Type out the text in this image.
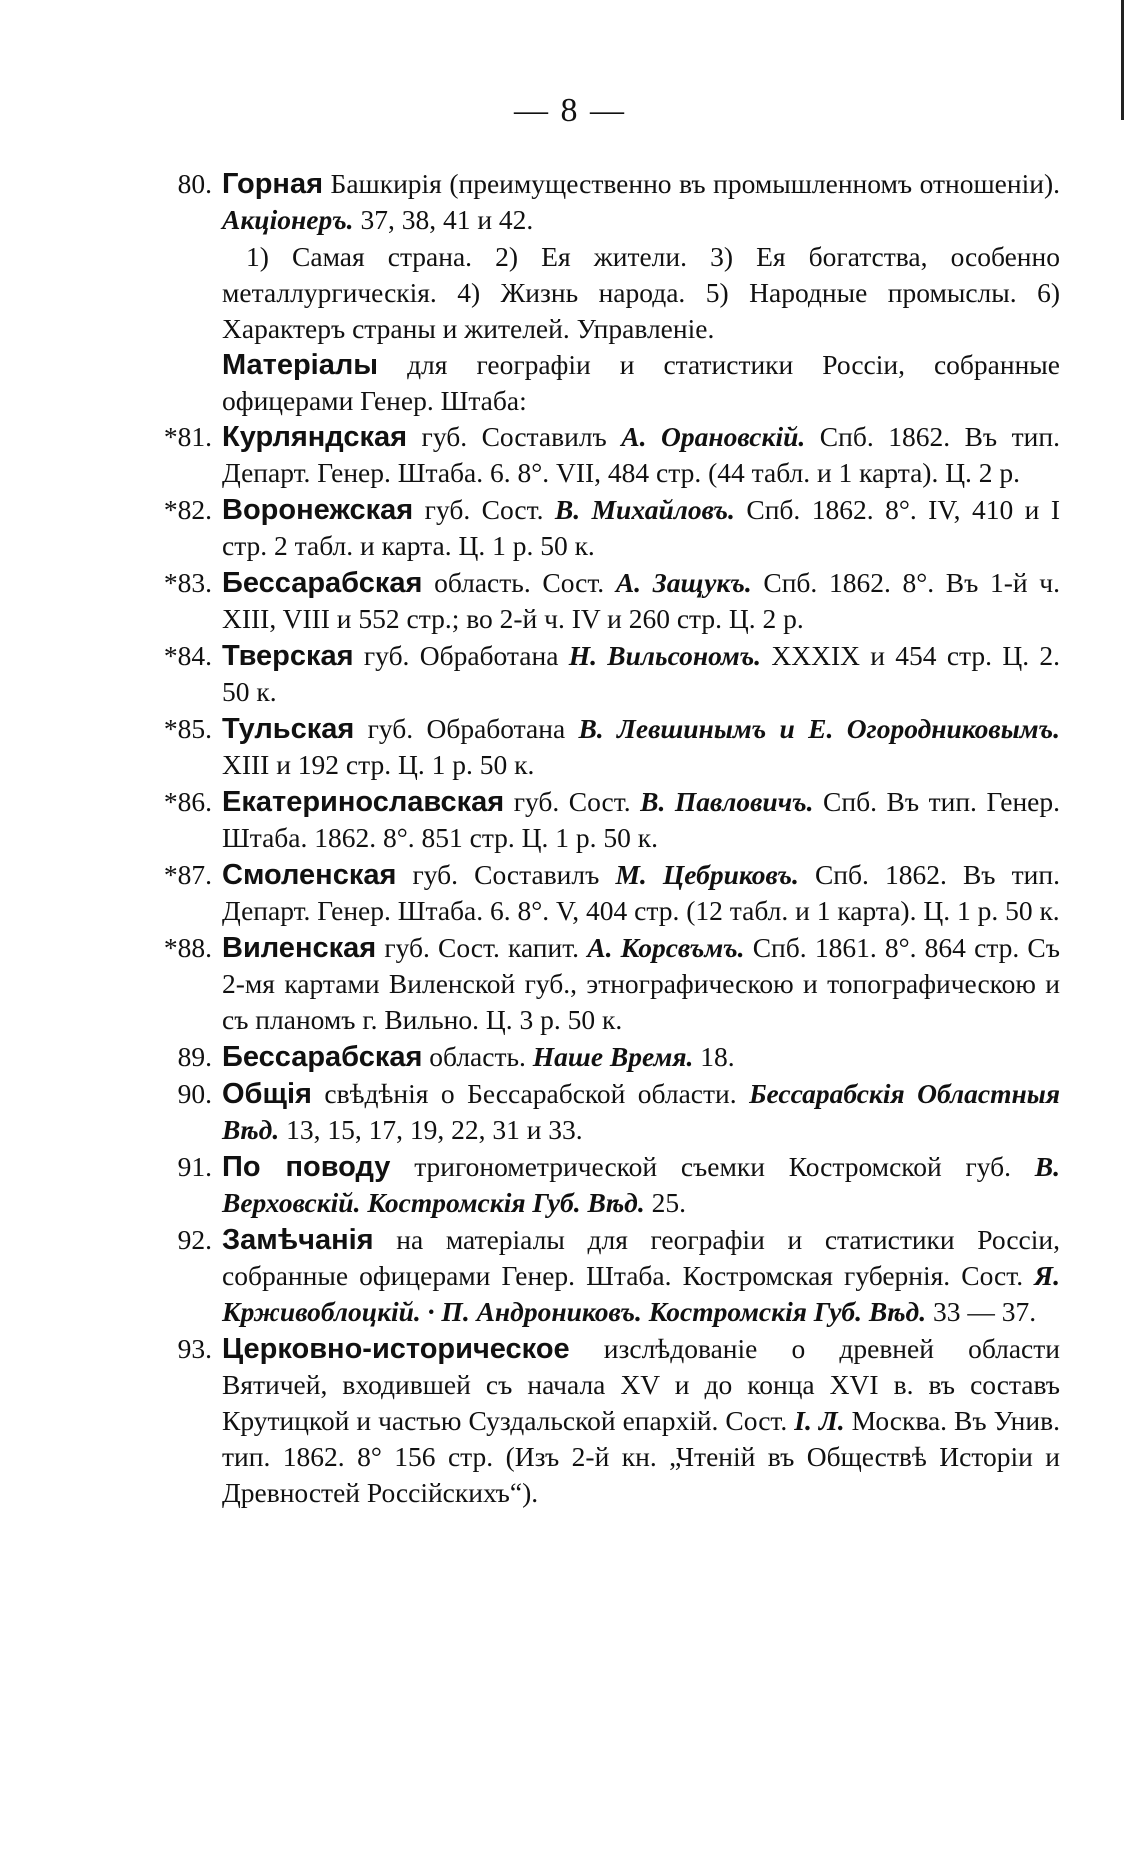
— 8 —
80. Горная Башкирія (преимущественно въ промышленномъ отношеніи). Акціонеръ. 37, 38, 41 и 42.
1) Самая страна. 2) Ея жители. 3) Ея богатства, особенно металлургическія. 4) Жизнь народа. 5) Народные промыслы. 6) Характеръ страны и жителей. Управленіе.
Матеріалы для географіи и статистики Россіи, собранные офицерами Генер. Штаба:
*81. Курляндская губ. Составилъ А. Орановскій. Спб. 1862. Въ тип. Департ. Генер. Штаба. 6. 8°. VII, 484 стр. (44 табл. и 1 карта). Ц. 2 р.
*82. Воронежская губ. Сост. В. Михайловъ. Спб. 1862. 8°. IV, 410 и I стр. 2 табл. и карта. Ц. 1 р. 50 к.
*83. Бессарабская область. Сост. А. Защукъ. Спб. 1862. 8°. Въ 1-й ч. XIII, VIII и 552 стр.; во 2-й ч. IV и 260 стр. Ц. 2 р.
*84. Тверская губ. Обработана Н. Вильсономъ. XXXIX и 454 стр. Ц. 2. 50 к.
*85. Тульская губ. Обработана В. Левшинымъ и Е. Огородниковымъ. XIII и 192 стр. Ц. 1 р. 50 к.
*86. Екатеринославская губ. Сост. В. Павловичъ. Спб. Въ тип. Генер. Штаба. 1862. 8°. 851 стр. Ц. 1 р. 50 к.
*87. Смоленская губ. Составилъ М. Цебриковъ. Спб. 1862. Въ тип. Департ. Генер. Штаба. 6. 8°. V, 404 стр. (12 табл. и 1 карта). Ц. 1 р. 50 к.
*88. Виленская губ. Сост. капит. А. Корсвъмъ. Спб. 1861. 8°. 864 стр. Съ 2-мя картами Виленской губ., этнографическою и топографическою и съ планомъ г. Вильно. Ц. 3 р. 50 к.
89. Бессарабская область. Наше Время. 18.
90. Общія свѣдѣнія о Бессарабской области. Бессарабскія Областныя Вѣд. 13, 15, 17, 19, 22, 31 и 33.
91. По поводу тригонометрической съемки Костромской губ. В. Верховскій. Костромскія Губ. Вѣд. 25.
92. Замѣчанія на матеріалы для географіи и статистики Россіи, собранные офицерами Генер. Штаба. Костромская губернія. Сост. Я. Крживоблоцкій. · П. Андрониковъ. Костромскія Губ. Вѣд. 33 — 37.
93. Церковно-историческое изслѣдованіе о древней области Вятичей, входившей съ начала XV и до конца XVI в. въ составъ Крутицкой и частью Суздальской епархій. Сост. I. Л. Москва. Въ Унив. тип. 1862. 8° 156 стр. (Изъ 2-й кн. „Чтеній въ Обществѣ Исторіи и Древностей Россійскихъ“).
